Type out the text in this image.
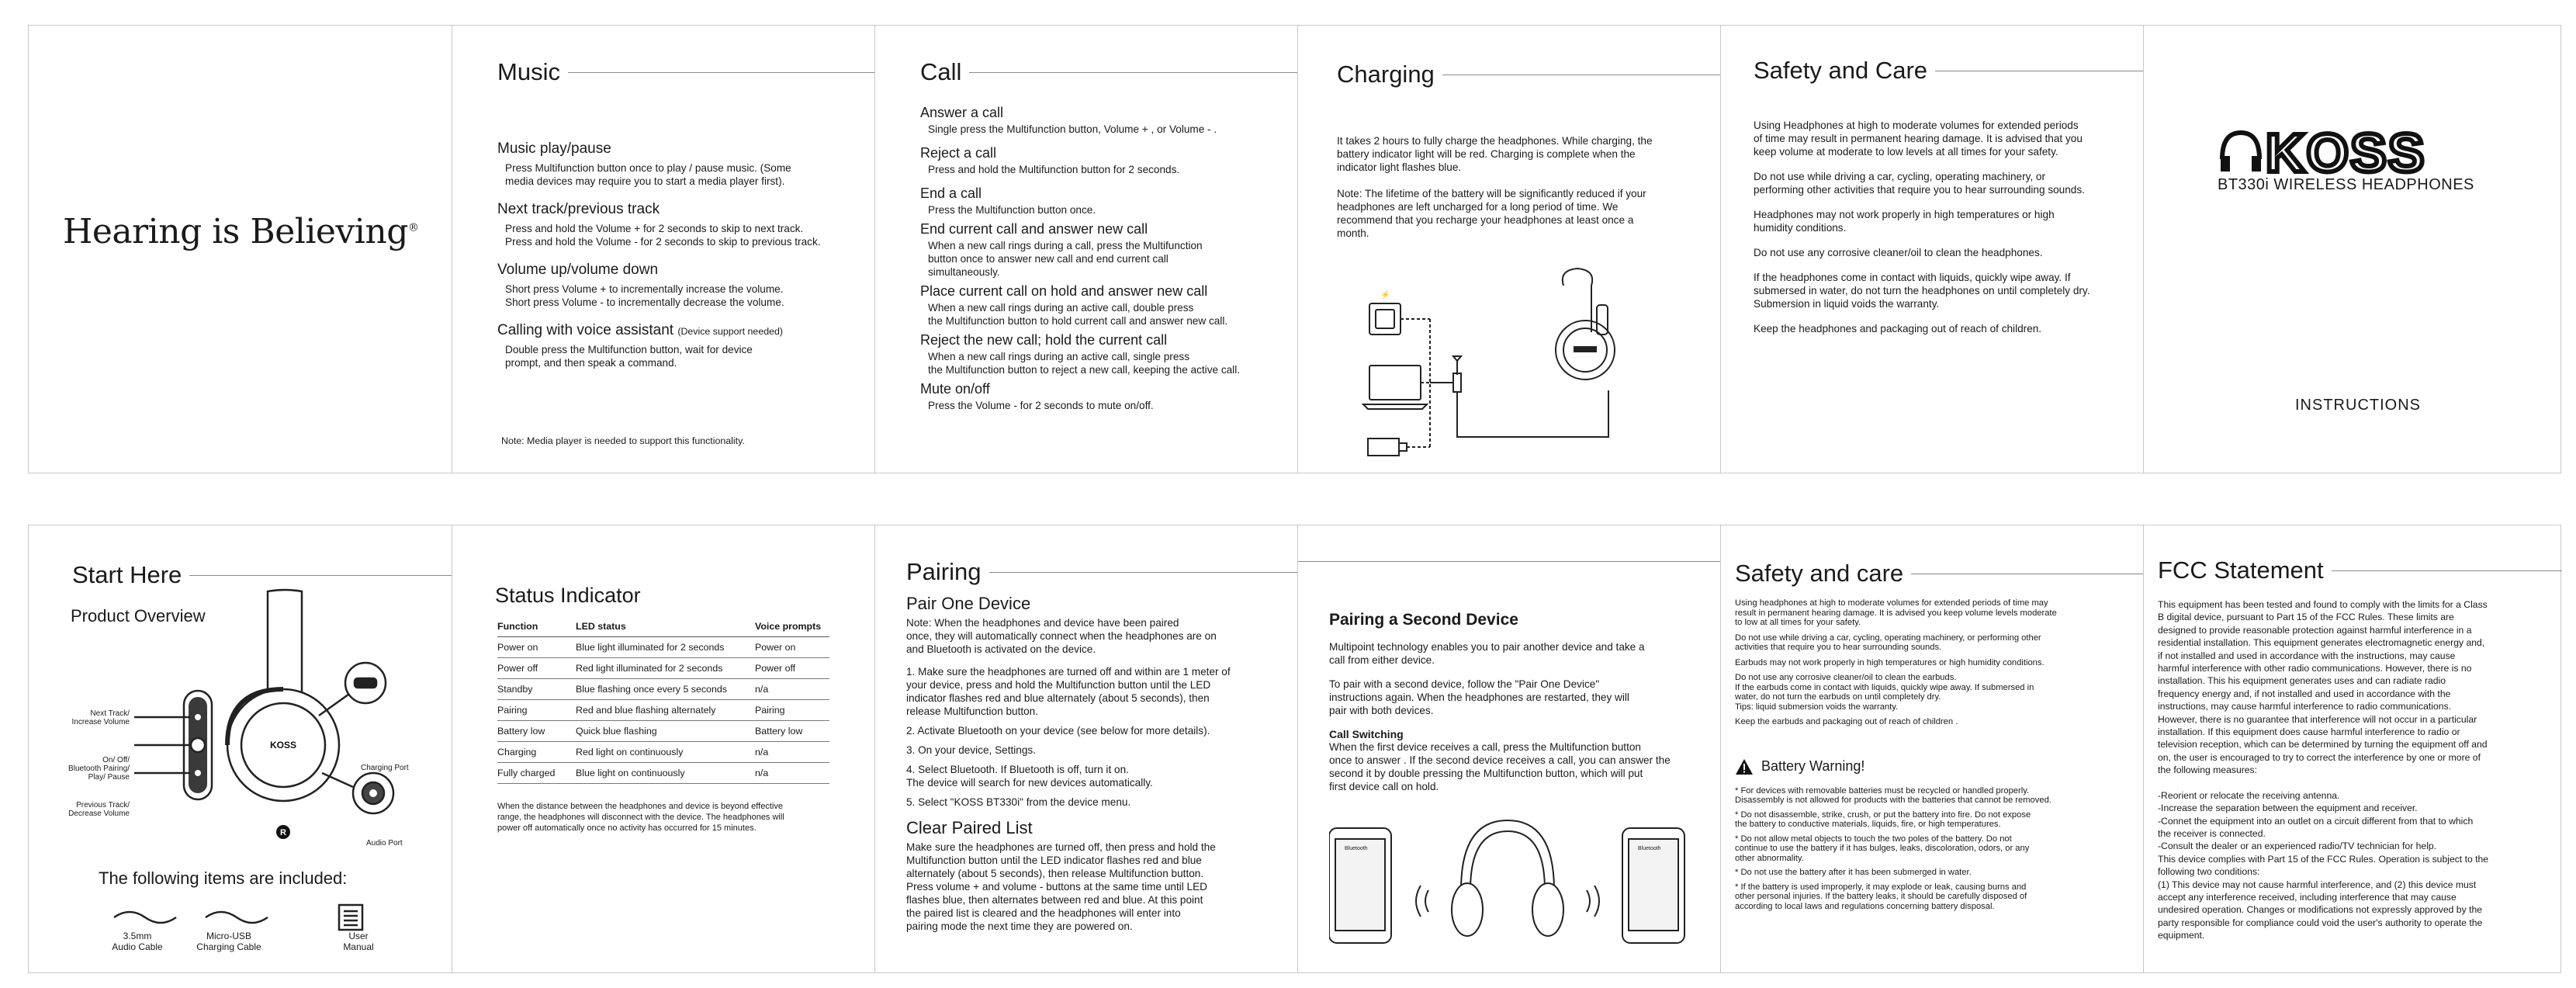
Hearing is Believing®
Music
Music play/pause

Press Multifunction button once to play / pause music. (Some
media devices may require you to start a media player first).

Next track/previous track

Press and hold the Volume + for 2 seconds to skip to next track.
Press and hold the Volume - for 2 seconds to skip to previous track.

Volume up/volume down

Short press Volume + to incrementally increase the volume.
Short press Volume - to incrementally decrease the volume.

Calling with voice assistant (Device support needed)

Double press the Multifunction button, wait for device
prompt, and then speak a command.

Note: Media player is needed to support this functionality.

Call
Answer a call

Single press the Multifunction button, Volume + , or Volume - .

Reject a call

Press and hold the Multifunction button for 2 seconds.

End a call

Press the Multifunction button once.

End current call and answer new call

When a new call rings during a call, press the Multifunction
button once to answer new call and end current call
simultaneously.

Place current call on hold and answer new call

When a new call rings during an active call, double press
the Multifunction button to hold current call and answer new call.

Reject the new call; hold the current call

When a new call rings during an active call, single press
the Multifunction button to reject a new call, keeping the active call.

Mute on/off

Press the Volume - for 2 seconds to mute on/off.

Charging

It takes 2 hours to fully charge the headphones. While charging, the
battery indicator light will be red. Charging is complete when the
indicator light flashes blue.

Note: The lifetime of the battery will be significantly reduced if your
headphones are left uncharged for a long period of time. We
recommend that you recharge your headphones at least once a
month.

⚡
Safety and Care

Using Headphones at high to moderate volumes for extended periods
of time may result in permanent hearing damage. It is advised that you
keep volume at moderate to low levels at all times for your safety.

Do not use while driving a car, cycling, operating machinery, or
performing other activities that require you to hear surrounding sounds.

Headphones may not work properly in high temperatures or high
humidity conditions.

Do not use any corrosive cleaner/oil to clean the headphones.

If the headphones come in contact with liquids, quickly wipe away. If
submersed in water, do not turn the headphones on until completely dry.
Submersion in liquid voids the warranty.

Keep the headphones and packaging out of reach of children.

KOSS
BT330i WIRELESS HEADPHONES
INSTRUCTIONS
Start Here
Product Overview
Next Track/
Increase Volume
On/ Off/
Bluetooth Pairing/
Play/ Pause
Previous Track/
Decrease Volume
Charging Port
Audio Port
KOSS
R
The following items are included:
3.5mm
Audio Cable
Micro-USB
Charging Cable
User
Manual
Status Indicator
Function	LED status	Voice prompts
Power on	Blue light illuminated for 2 seconds	Power on
Power off	Red light illuminated for 2 seconds	Power off
Standby	Blue flashing once every 5 seconds	n/a
Pairing	Red and blue flashing alternately	Pairing
Battery low	Quick blue flashing	Battery low
Charging	Red light on continuously	n/a
Fully charged	Blue light on continuously	n/a

When the distance between the headphones and device is beyond effective
range, the headphones will disconnect with the device. The headphones will
power off automatically once no activity has occurred for 15 minutes.

Pairing
Pair One Device

Note: When the headphones and device have been paired
once, they will automatically connect when the headphones are on
and Bluetooth is activated on the device.

1. Make sure the headphones are turned off and within are 1 meter of
your device, press and hold the Multifunction button until the LED
indicator flashes red and blue alternately (about 5 seconds), then
release Multifunction button.

2. Activate Bluetooth on your device (see below for more details).

3. On your device, Settings.

4. Select Bluetooth. If Bluetooth is off, turn it on.
The device will search for new devices automatically.

5. Select "KOSS BT330i" from the device menu.

Clear Paired List

Make sure the headphones are turned off, then press and hold the
Multifunction button until the LED indicator flashes red and blue
alternately (about 5 seconds), then release Multifunction button.
Press volume + and volume - buttons at the same time until LED
flashes blue, then alternates between red and blue. At this point
the paired list is cleared and the headphones will enter into
pairing mode the next time they are powered on.

Pairing a Second Device

Multipoint technology enables you to pair another device and take a
call from either device.

To pair with a second device, follow the "Pair One Device"
instructions again. When the headphones are restarted, they will
pair with both devices.

Call Switching

When the first device receives a call, press the Multifunction button
once to answer . If the second device receives a call, you can answer the
second it by double pressing the Multifunction button, which will put
first device call on hold.

Bluetooth	Bluetooth
Safety and care

Using headphones at high to moderate volumes for extended periods of time may
result in permanent hearing damage. It is advised you keep volume levels moderate
to low at all times for your safety.

Do not use while driving a car, cycling, operating machinery, or performing other
activities that require you to hear surrounding sounds.

Earbuds may not work properly in high temperatures or high humidity conditions.

Do not use any corrosive cleaner/oil to clean the earbuds.
If the earbuds come in contact with liquids, quickly wipe away. If submersed in
water, do not turn the earbuds on until completely dry.
Tips: liquid submersion voids the warranty.

Keep the earbuds and packaging out of reach of children .

Battery Warning!

* For devices with removable batteries must be recycled or handled properly.
Disassembly is not allowed for products with the batteries that cannot be removed.

* Do not disassemble, strike, crush, or put the battery into fire. Do not expose
the battery to conductive materials, liquids, fire, or high temperatures.

* Do not allow metal objects to touch the two poles of the battery. Do not
continue to use the battery if it has bulges, leaks, discoloration, odors, or any
other abnormality.

* Do not use the battery after it has been submerged in water.

* If the battery is used improperly, it may explode or leak, causing burns and
other personal injuries. If the battery leaks, it should be carefully disposed of
according to local laws and regulations concerning battery disposal.

FCC Statement

This equipment has been tested and found to comply with the limits for a Class
B digital device, pursuant to Part 15 of the FCC Rules. These limits are
designed to provide reasonable protection against harmful interference in a
residential installation. This equipment generates electromagnetic energy and,
if not installed and used in accordance with the instructions, may cause
harmful interference with other radio communications. However, there is no
installation. This his equipment generates uses and can radiate radio
frequency energy and, if not installed and used in accordance with the
instructions, may cause harmful interference to radio communications.
However, there is no guarantee that interference will not occur in a particular
installation. If this equipment does cause harmful interference to radio or
television reception, which can be determined by turning the equipment off and
on, the user is encouraged to try to correct the interference by one or more of
the following measures:

-Reorient or relocate the receiving antenna.
-Increase the separation between the equipment and receiver.
-Connet the equipment into an outlet on a circuit different from that to which
the receiver is connected.
-Consult the dealer or an experienced radio/TV technician for help.
This device complies with Part 15 of the FCC Rules. Operation is subject to the
following two conditions:
(1) This device may not cause harmful interference, and (2) this device must
accept any interference received, including interference that may cause
undesired operation. Changes or modifications not expressly approved by the
party responsible for compliance could void the user's authority to operate the
equipment.
